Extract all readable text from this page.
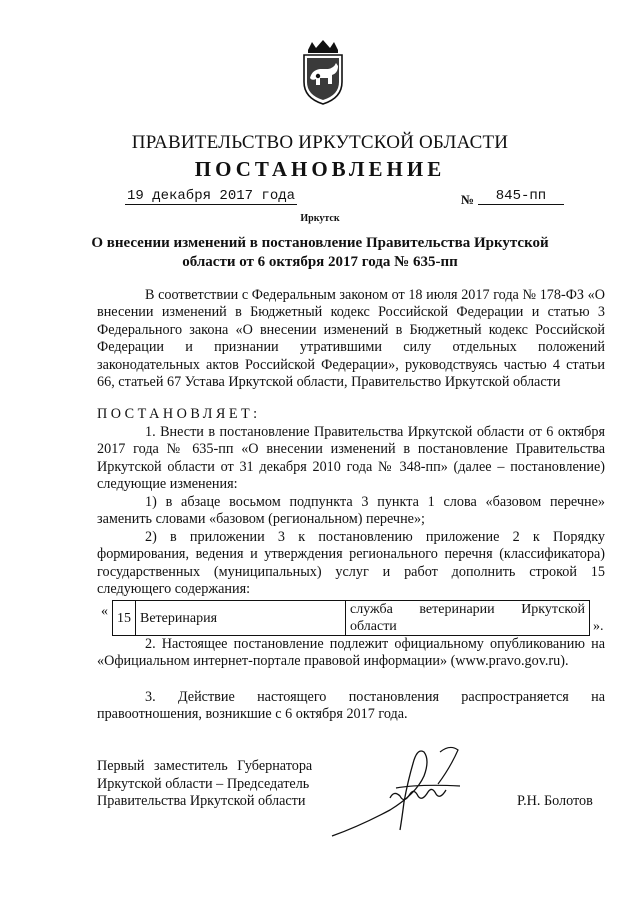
ПРАВИТЕЛЬСТВО ИРКУТСКОЙ ОБЛАСТИ
ПОСТАНОВЛЕНИЕ
19 декабря 2017 года	№	845-пп
Иркутск
О внесении изменений в постановление Правительства Иркутской
области от 6 октября 2017 года № 635-пп
В соответствии с Федеральным законом от 18 июля 2017 года № 178-ФЗ «О внесении изменений в Бюджетный кодекс Российской Федерации и статью 3 Федерального закона «О внесении изменений в Бюджетный кодекс Российской Федерации и признании утратившими силу отдельных положений законодательных актов Российской Федерации», руководствуясь частью 4 статьи 66, статьей 67 Устава Иркутской области, Правительство Иркутской области
ПОСТАНОВЛЯЕТ:
1. Внести в постановление Правительства Иркутской области от 6 октября 2017 года № 635-пп «О внесении изменений в постановление Правительства Иркутской области от 31 декабря 2010 года № 348-пп» (далее – постановление) следующие изменения:
1) в абзаце восьмом подпункта 3 пункта 1 слова «базовом перечне» заменить словами «базовом (региональном) перечне»;
2) в приложении 3 к постановлению приложение 2 к Порядку формирования, ведения и утверждения регионального перечня (классификатора) государственных (муниципальных) услуг и работ дополнить строкой 15 следующего содержания:
« 15	Ветеринария	служба ветеринарии Иркутской области	».
2. Настоящее постановление подлежит официальному опубликованию на «Официальном интернет-портале правовой информации» (www.pravo.gov.ru).
3. Действие настоящего постановления распространяется на правоотношения, возникшие с 6 октября 2017 года.
Первый заместитель Губернатора
Иркутской области – Председатель
Правительства Иркутской области	Р.Н. Болотов
